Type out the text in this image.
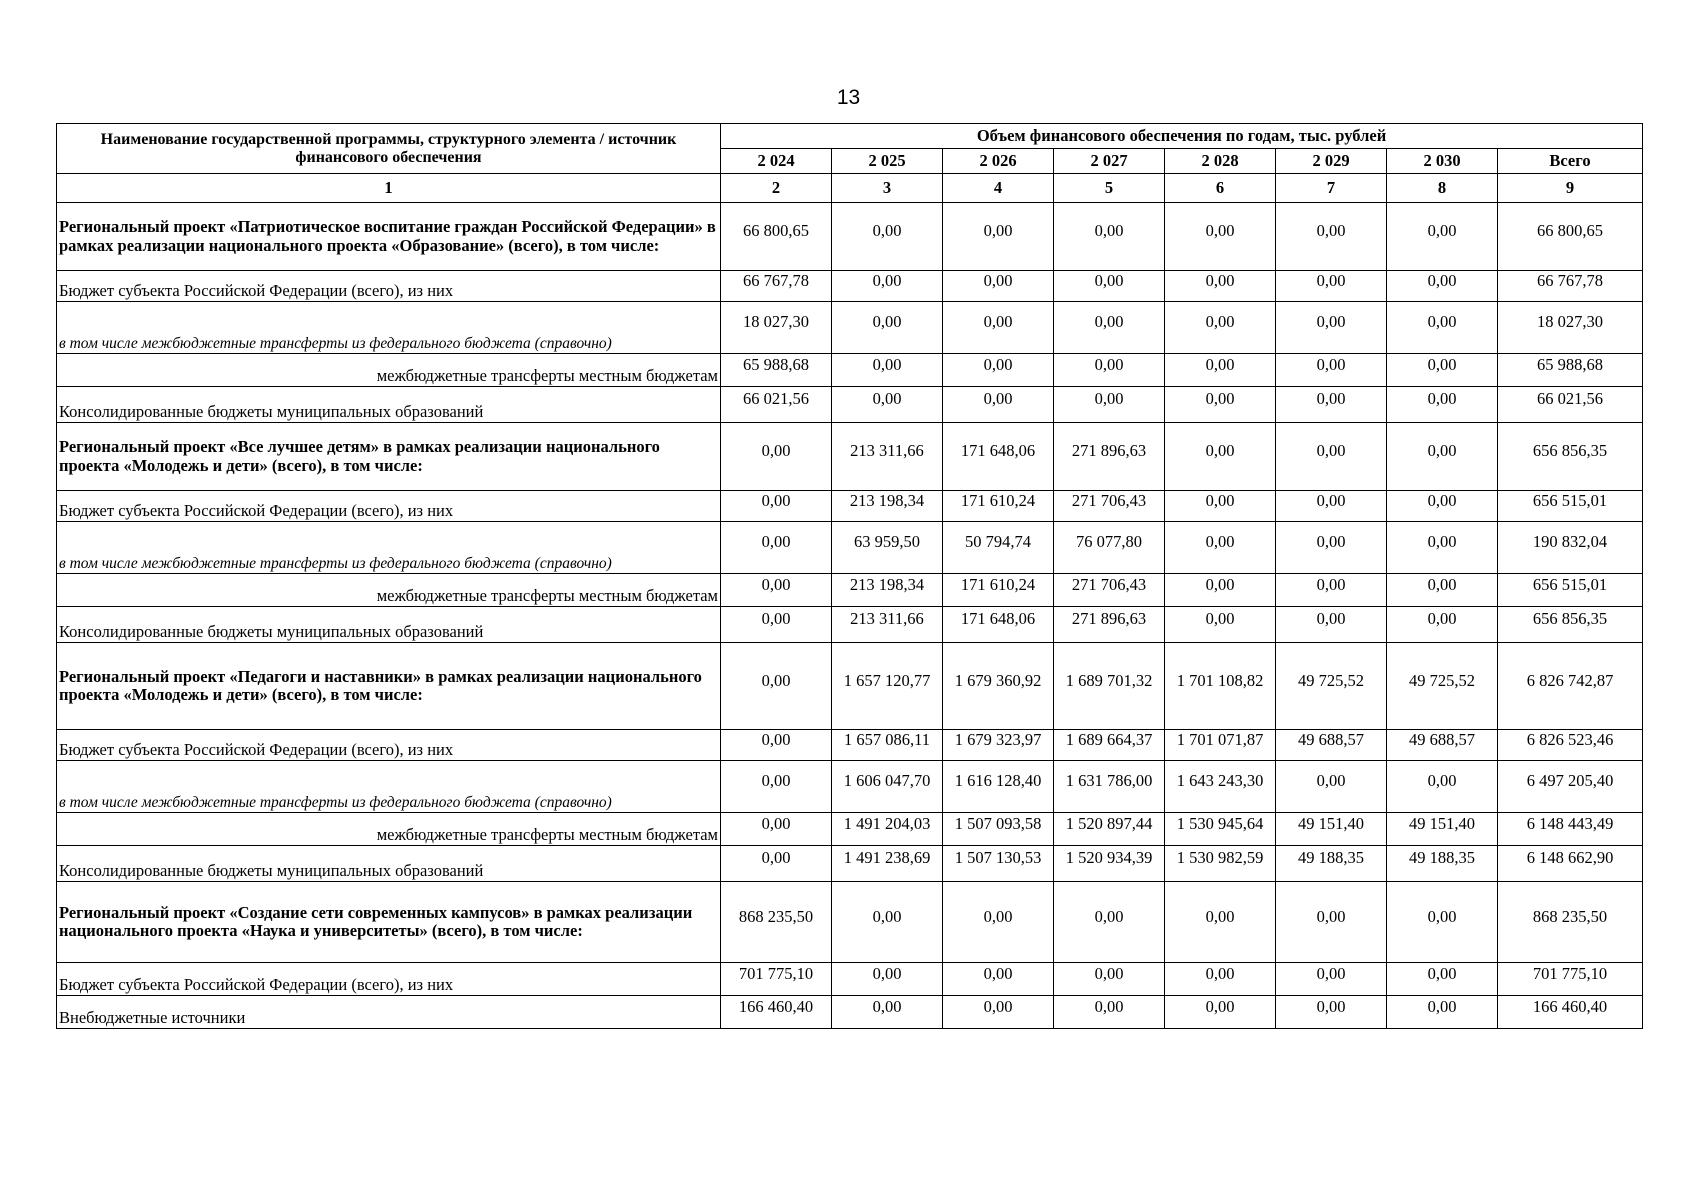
13
Наименование государственной программы, структурного элемента / источник финансового обеспечения	Объем финансового обеспечения по годам, тыс. рублей							
	2 024	2 025	2 026	2 027	2 028	2 029	2 030	Всего
1	2	3	4	5	6	7	8	9
Региональный проект «Патриотическое воспитание граждан Российской Федерации» в рамках реализации национального проекта «Образование» (всего), в том числе:	66 800,65	0,00	0,00	0,00	0,00	0,00	0,00	66 800,65
Бюджет субъекта Российской Федерации (всего), из них	66 767,78	0,00	0,00	0,00	0,00	0,00	0,00	66 767,78
в том числе межбюджетные трансферты из федерального бюджета (справочно)	18 027,30	0,00	0,00	0,00	0,00	0,00	0,00	18 027,30
межбюджетные трансферты местным бюджетам	65 988,68	0,00	0,00	0,00	0,00	0,00	0,00	65 988,68
Консолидированные бюджеты муниципальных образований	66 021,56	0,00	0,00	0,00	0,00	0,00	0,00	66 021,56
Региональный проект «Все лучшее детям» в рамках реализации национального проекта «Молодежь и дети» (всего), в том числе:	0,00	213 311,66	171 648,06	271 896,63	0,00	0,00	0,00	656 856,35
Бюджет субъекта Российской Федерации (всего), из них	0,00	213 198,34	171 610,24	271 706,43	0,00	0,00	0,00	656 515,01
в том числе межбюджетные трансферты из федерального бюджета (справочно)	0,00	63 959,50	50 794,74	76 077,80	0,00	0,00	0,00	190 832,04
межбюджетные трансферты местным бюджетам	0,00	213 198,34	171 610,24	271 706,43	0,00	0,00	0,00	656 515,01
Консолидированные бюджеты муниципальных образований	0,00	213 311,66	171 648,06	271 896,63	0,00	0,00	0,00	656 856,35
Региональный проект «Педагоги и наставники» в рамках реализации национального проекта «Молодежь и дети» (всего), в том числе:	0,00	1 657 120,77	1 679 360,92	1 689 701,32	1 701 108,82	49 725,52	49 725,52	6 826 742,87
Бюджет субъекта Российской Федерации (всего), из них	0,00	1 657 086,11	1 679 323,97	1 689 664,37	1 701 071,87	49 688,57	49 688,57	6 826 523,46
в том числе межбюджетные трансферты из федерального бюджета (справочно)	0,00	1 606 047,70	1 616 128,40	1 631 786,00	1 643 243,30	0,00	0,00	6 497 205,40
межбюджетные трансферты местным бюджетам	0,00	1 491 204,03	1 507 093,58	1 520 897,44	1 530 945,64	49 151,40	49 151,40	6 148 443,49
Консолидированные бюджеты муниципальных образований	0,00	1 491 238,69	1 507 130,53	1 520 934,39	1 530 982,59	49 188,35	49 188,35	6 148 662,90
Региональный проект «Создание сети современных кампусов» в рамках реализации национального проекта «Наука и университеты» (всего), в том числе:	868 235,50	0,00	0,00	0,00	0,00	0,00	0,00	868 235,50
Бюджет субъекта Российской Федерации (всего), из них	701 775,10	0,00	0,00	0,00	0,00	0,00	0,00	701 775,10
Внебюджетные источники	166 460,40	0,00	0,00	0,00	0,00	0,00	0,00	166 460,40
